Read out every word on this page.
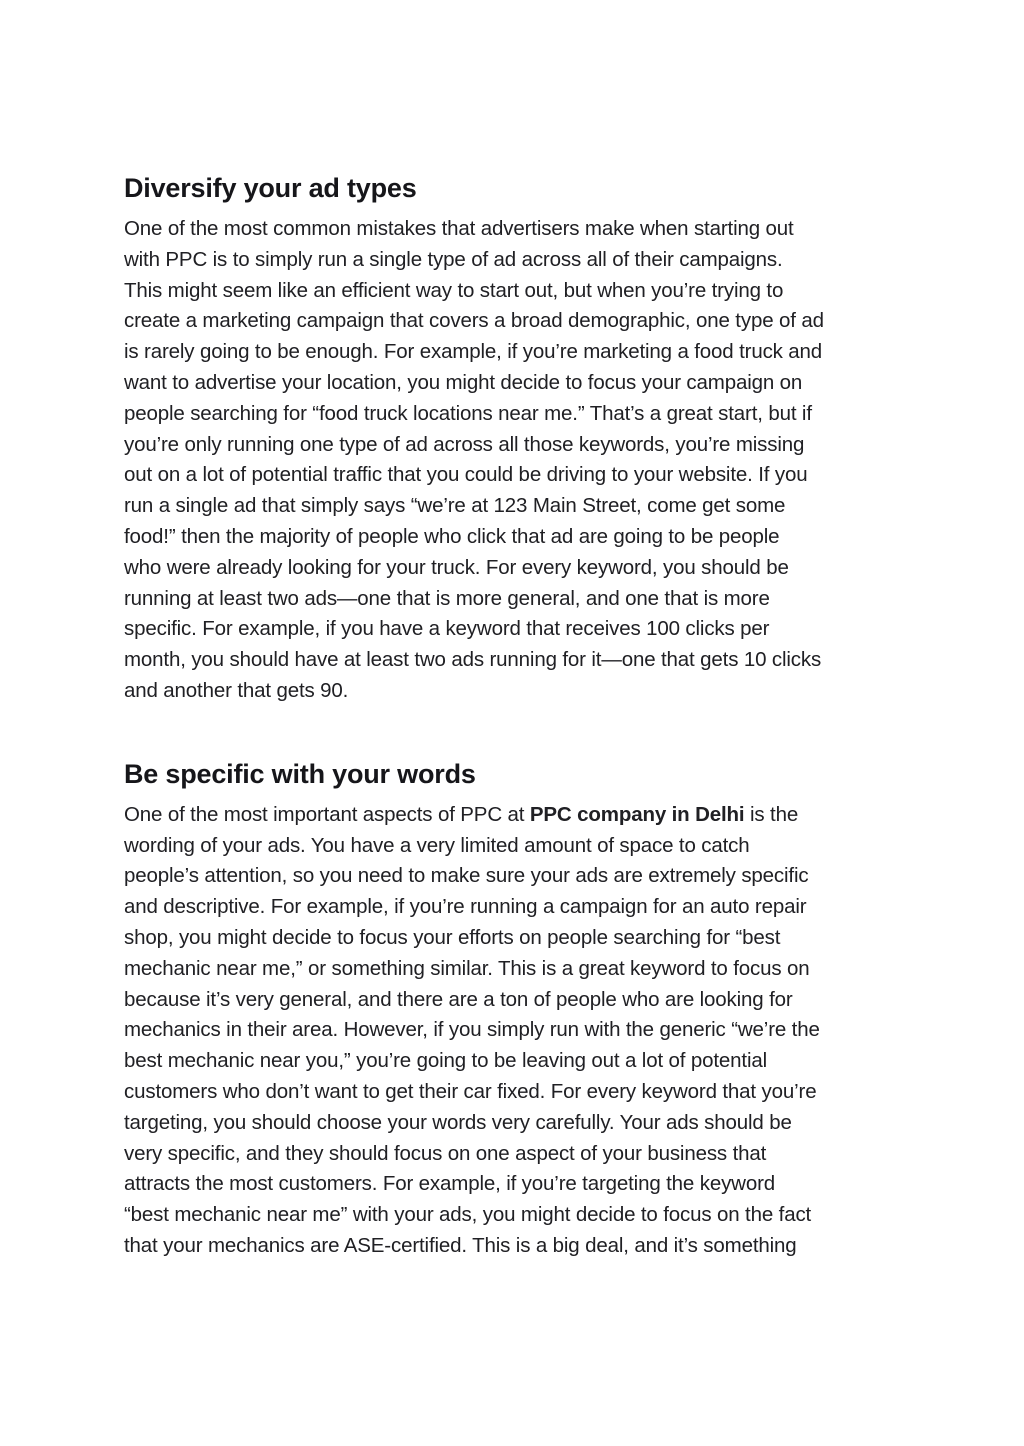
Diversify your ad types

One of the most common mistakes that advertisers make when starting out
with PPC is to simply run a single type of ad across all of their campaigns.
This might seem like an efficient way to start out, but when you’re trying to
create a marketing campaign that covers a broad demographic, one type of ad
is rarely going to be enough. For example, if you’re marketing a food truck and
want to advertise your location, you might decide to focus your campaign on
people searching for “food truck locations near me.” That’s a great start, but if
you’re only running one type of ad across all those keywords, you’re missing
out on a lot of potential traffic that you could be driving to your website. If you
run a single ad that simply says “we’re at 123 Main Street, come get some
food!” then the majority of people who click that ad are going to be people
who were already looking for your truck. For every keyword, you should be
running at least two ads—one that is more general, and one that is more
specific. For example, if you have a keyword that receives 100 clicks per
month, you should have at least two ads running for it—one that gets 10 clicks
and another that gets 90.

Be specific with your words

One of the most important aspects of PPC at PPC company in Delhi is the
wording of your ads. You have a very limited amount of space to catch
people’s attention, so you need to make sure your ads are extremely specific
and descriptive. For example, if you’re running a campaign for an auto repair
shop, you might decide to focus your efforts on people searching for “best
mechanic near me,” or something similar. This is a great keyword to focus on
because it’s very general, and there are a ton of people who are looking for
mechanics in their area. However, if you simply run with the generic “we’re the
best mechanic near you,” you’re going to be leaving out a lot of potential
customers who don’t want to get their car fixed. For every keyword that you’re
targeting, you should choose your words very carefully. Your ads should be
very specific, and they should focus on one aspect of your business that
attracts the most customers. For example, if you’re targeting the keyword
“best mechanic near me” with your ads, you might decide to focus on the fact
that your mechanics are ASE-certified. This is a big deal, and it’s something
